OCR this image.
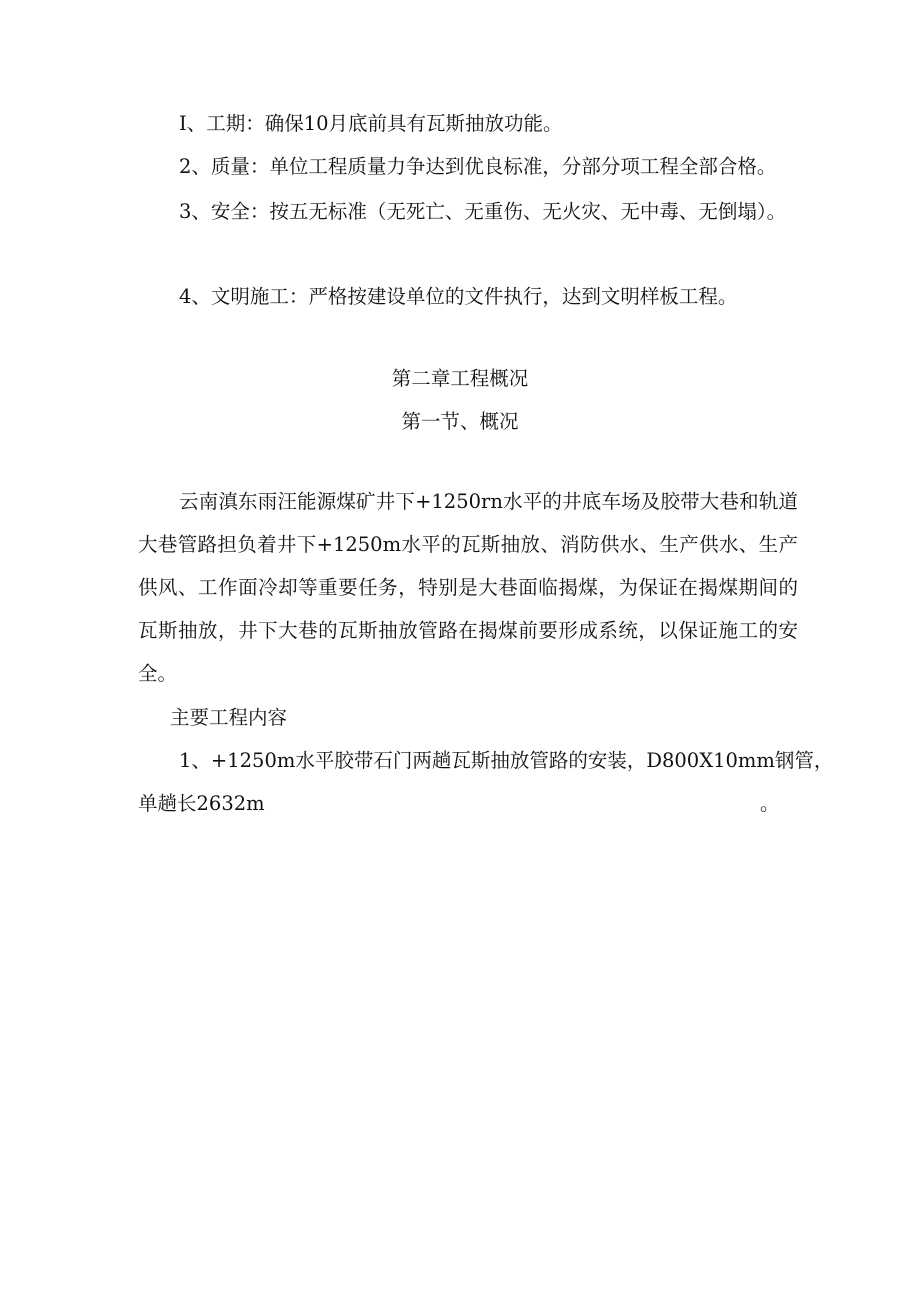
I、工期：确保10月底前具有瓦斯抽放功能。
2、质量：单位工程质量力争达到优良标准，分部分项工程全部合格。
3、安全：按五无标准（无死亡、无重伤、无火灾、无中毒、无倒塌）。
4、文明施工：严格按建设单位的文件执行，达到文明样板工程。
第二章工程概况
第一节、概况
云南滇东雨汪能源煤矿井下+1250rn水平的井底车场及胶带大巷和轨道大巷管路担负着井下+1250m水平的瓦斯抽放、消防供水、生产供水、生产供风、工作面冷却等重要任务，特别是大巷面临揭煤，为保证在揭煤期间的瓦斯抽放，井下大巷的瓦斯抽放管路在揭煤前要形成系统，以保证施工的安全。
主要工程内容
1、+1250m水平胶带石门两趟瓦斯抽放管路的安装，D800X10mm钢管，
单趟长2632m	。
